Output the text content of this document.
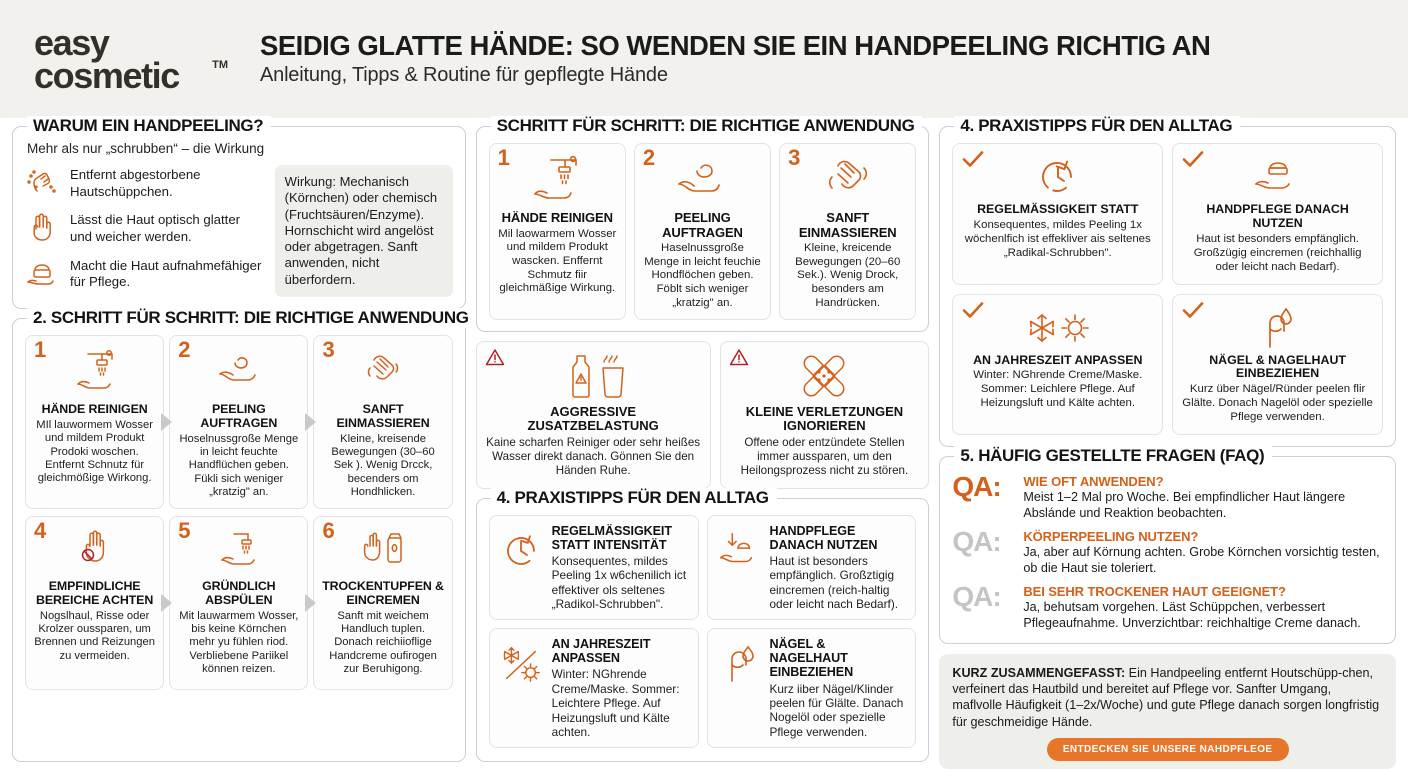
easy
cosmetic	TM
SEIDIG GLATTE HÄNDE: SO WENDEN SIE EIN HANDPEELING RICHTIG AN
Anleitung, Tipps & Routine für gepflegte Hände
WARUM EIN HANDPEELING?
Mehr als nur „schrubben“ – die Wirkung
Entfernt abgestorbene Hautschüppchen.
Lässt die Haut optisch glatter und weicher werden.
Macht die Haut aufnahmefähiger für Pflege.
Wirkung: Mechanisch (Körnchen) oder chemisch (Fruchtsäuren/Enzyme). Hornschicht wird angelöst oder abgetragen. Sanft anwenden, nicht überfordern.
2. SCHRITT FÜR SCHRITT: DIE RICHTIGE ANWENDUNG
1
HÄNDE REINIGEN
MIl lauwormem Wosser und mildem Produkt Prodoki woschen. Entfernt Schnutz für gleichmößige Wirkong.
2
PEELING AUFTRAGEN
Hoselnussgroße Menge in leicht feuchte Handflüchen geben. Fükli sich weniger „kratzig" an.
3
SANFT EINMASSIEREN
Kleine, kreisende Bewegungen (30–60 Sek ). Wenig Drcck, becenders om Hondhlicken.
4
EMPFINDLICHE BEREICHE ACHTEN
Nogslhaul, Risse oder Krolzer oussparen, um Brennen und Reizungen zu vermeiden.
5
GRÜNDLICH ABSPÜLEN
Mit lauwarmem Wosser, bis keine Körnchen mehr yu fühlen riod. Verbliebene Pariikel können reizen.
6
TROCKENTUPFEN & EINCREMEN
Sanft mit weichem Handluch tuplen. Donach reichiioflige Handcreme oufirogen zur Beruhigong.
SCHRITT FÜR SCHRITT: DIE RICHTIGE ANWENDUNG
1
HÄNDE REINIGEN
Mil laowarmem Wosser und mildem Produkt wascken. Enffernt Schmutz fiir gleichmäßige Wirkung.
2
PEELING AUFTRAGEN
Haselnussgroße Menge in leicht feuchie Hondflöchen geben. Föblt sich weniger „kratzig" an.
3
SANFT EINMASSIEREN
Kleine, kreicende Bewegungen (20–60 Sek.). Wenig Drock, besonders am Handrücken.
AGGRESSIVE ZUSATZBELASTUNG
Kaine scharfen Reiniger oder sehr heißes Wasser direkt danach. Gönnen Sie den Händen Ruhe.
KLEINE VERLETZUNGEN IGNORIEREN
Offene oder entzündete Stellen immer aussparen, um den Heilongsprozess nicht zu stören.
4. PRAXISTIPPS FÜR DEN ALLTAG
REGELMÄSSIGKEIT STATT INTENSITÄT
Konsequentes, mildes Peeling 1x w6chenilich ict effektiver ols seltenes „Radikol-Schrubben".
HANDPFLEGE DANACH NUTZEN
Haut ist besonders empfänglich. Großztigig eincremen (reich-haltig oder leicht nach Bedarf).
AN JAHRESZEIT ANPASSEN
Winter: NGhrende Creme/Maske. Sommer: Leichtere Pflege. Auf Heizungsluft und Kälte achten.
NÄGEL & NAGELHAUT EINBEZIEHEN
Kurz iiber Nägel/Klinder peelen für Glälte. Danach Nogelöl oder spezielle Pflege verwenden.
4. PRAXISTIPPS FÜR DEN ALLTAG
REGELMÄSSIGKEIT STATT
Konsequentes, mildes Peeling 1x wöchenlfich ist effekliver ais seltenes „Radikal-Schrubben".
HANDPFLEGE DANACH NUTZEN
Haut ist besonders empfänglich. Großzügig eincremen (reichhallig oder leicht nach Bedarf).
AN JAHRESZEIT ANPASSEN
Winter: NGhrende Creme/Maske. Sommer: Leichlere Pflege. Auf Heizungsluft und Kälte achten.
NÄGEL & NAGELHAUT EINBEZIEHEN
Kurz über Nägel/Ründer peelen flir Glälte. Donach Nagelöl oder spezielle Pflege verwenden.
5. HÄUFIG GESTELLTE FRAGEN (FAQ)
QA:	WIE OFT ANWENDEN?
Meist 1–2 Mal pro Woche. Bei empfindlicher Haut längere Abslánde und Reaktion beobachten.
QA:	KÖRPERPEELING NUTZEN?
Ja, aber auf Körnung achten. Grobe Körnchen vorsichtig testen, ob die Haut sie toleriert.
QA:	BEI SEHR TROCKENER HAUT GEEIGNET?
Ja, behutsam vorgehen. Läst Schüppchen, verbessert Pflegeaufnahme. Unverzichtbar: reichhaltige Creme danach.
KURZ ZUSAMMENGEFASST: Ein Handpeeling entfernt Houtschüpp-chen, verfeinert das Hautbild und bereitet auf Pflege vor. Sanfter Umgang, maflvolle Häufigkeit (1–2x/Woche) und gute Pflege danach sorgen longfristig für geschmeidige Hände.
ENTDECKEN SIE UNSERE NAHDPFLEOE
